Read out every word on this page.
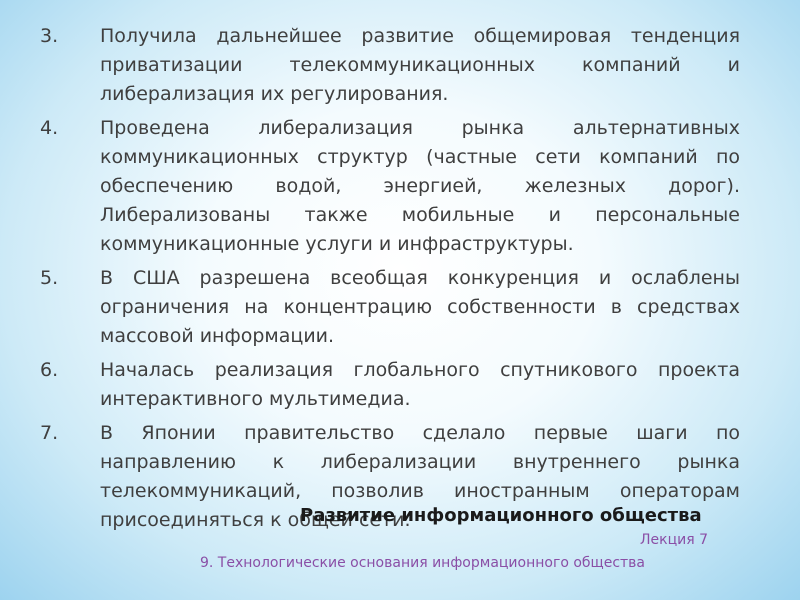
3.	Получила дальнейшее развитие общемировая тенденция приватизации телекоммуникационных компаний и либерализация их регулирования.
4.	Проведена либерализация рынка альтернативных коммуникационных структур (частные сети компаний по обеспечению водой, энергией, железных дорог). Либерализованы также мобильные и персональные коммуникационные услуги и инфраструктуры.
5.	В США разрешена всеобщая конкуренция и ослаблены ограничения на концентрацию собственности в средствах массовой информации.
6.	Началась реализация глобального спутникового проекта интерактивного мультимедиа.
7.	В Японии правительство сделало первые шаги по направлению к либерализации внутреннего рынка телекоммуникаций, позволив иностранным операторам присоединяться к общей сети.
Развитие информационного общества
Лекция 7
9. Технологические основания информационного общества
